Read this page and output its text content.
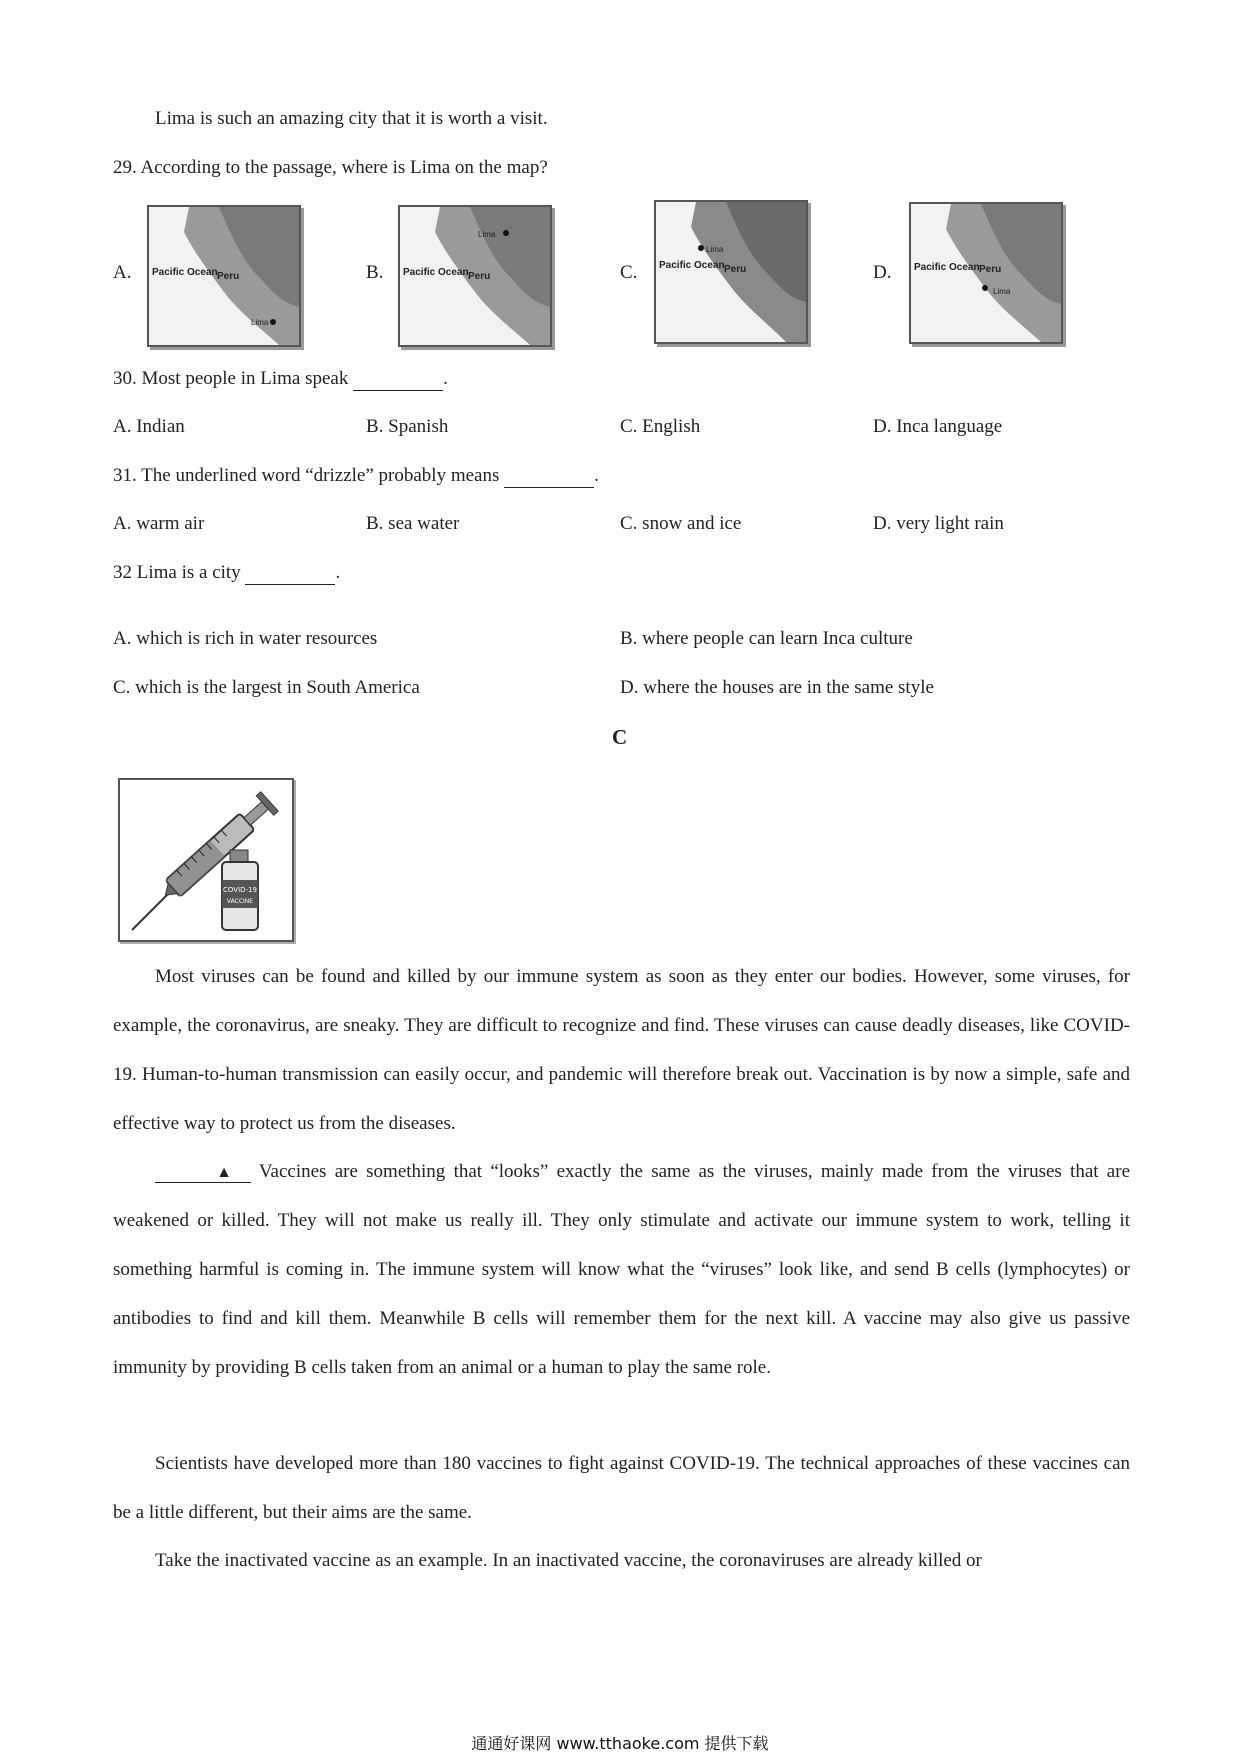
Lima is such an amazing city that it is worth a visit.
29. According to the passage, where is Lima on the map?
A. Pacific Ocean Peru
Lima
B. Pacific Ocean Peru
Lima
C. Pacific Ocean Peru
Lima
D. Pacific Ocean Peru
Lima
30. Most people in Lima speak	.
A. Indian	B. Spanish	C. English	D. Inca language
31. The underlined word “drizzle” probably means	.
A. warm air	B. sea water	C. snow and ice	D. very light rain
32 Lima is a city	.
A. which is rich in water resources	B. where people can learn Inca culture
C. which is the largest in South America	D. where the houses are in the same style
C
COVID-19
VACCINE
Most viruses can be found and killed by our immune system as soon as they enter our bodies. However, some viruses, for example, the coronavirus, are sneaky. They are difficult to recognize and find. These viruses can cause deadly diseases, like COVID-19. Human-to-human transmission can easily occur, and pandemic will therefore break out. Vaccination is by now a simple, safe and effective way to protect us from the diseases.
▲ Vaccines are something that “looks” exactly the same as the viruses, mainly made from the viruses that are weakened or killed. They will not make us really ill. They only stimulate and activate our immune system to work, telling it something harmful is coming in. The immune system will know what the “viruses” look like, and send B cells (lymphocytes) or antibodies to find and kill them. Meanwhile B cells will remember them for the next kill. A vaccine may also give us passive immunity by providing B cells taken from an animal or a human to play the same role.
Scientists have developed more than 180 vaccines to fight against COVID-19. The technical approaches of these vaccines can be a little different, but their aims are the same.
Take the inactivated vaccine as an example. In an inactivated vaccine, the coronaviruses are already killed or
通通好课网 www.tthaoke.com 提供下载
